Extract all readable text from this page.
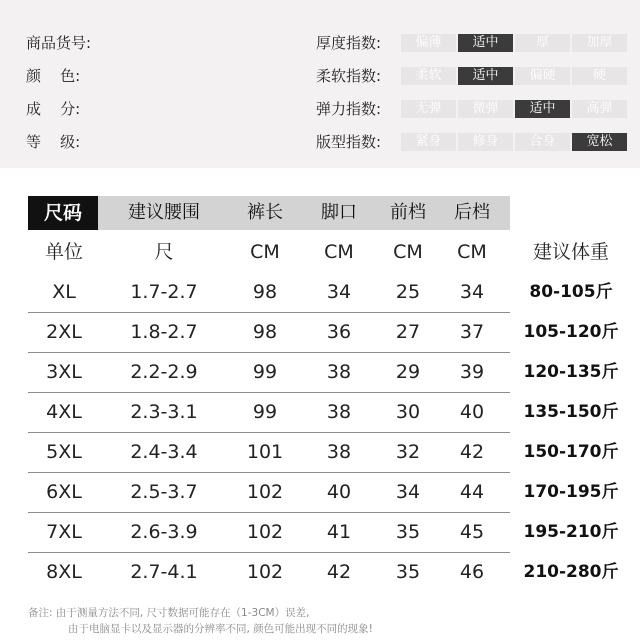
商品货号:
颜    色:
成    分:
等    级:
厚度指数:	偏薄	适中	厚	加厚
柔软指数:	柔软	适中	偏硬	硬
弹力指数:	无弹	微弹	适中	高弹
版型指数:	紧身	修身	合身	宽松
尺码	建议腰围	裤长	脚口	前档	后档
单位	尺	CM	CM	CM	CM	建议体重
XL	1.7-2.7	98	34	25	34	80-105斤
2XL	1.8-2.7	98	36	27	37	105-120斤
3XL	2.2-2.9	99	38	29	39	120-135斤
4XL	2.3-3.1	99	38	30	40	135-150斤
5XL	2.4-3.4	101	38	32	42	150-170斤
6XL	2.5-3.7	102	40	34	44	170-195斤
7XL	2.6-3.9	102	41	35	45	195-210斤
8XL	2.7-4.1	102	42	35	46	210-280斤
备注: 由于测量方法不同, 尺寸数据可能存在（1-3CM）误差,
由于电脑显卡以及显示器的分辨率不同, 颜色可能出现不同的现象!
